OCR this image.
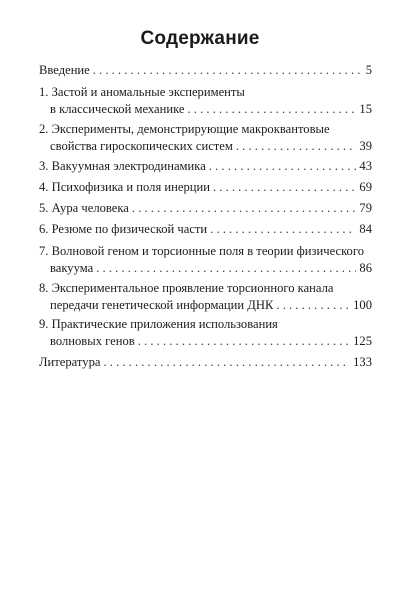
Содержание
Введение . . .	5
1. Застой и аномальные эксперименты
в классической механике . . .	15
2. Эксперименты, демонстрирующие макроквантовые
свойства гироскопических систем . . .	39
3. Вакуумная электродинамика . . .	43
4. Психофизика и поля инерции . . .	69
5. Аура человека . . .	79
6. Резюме по физической части . . .	84
7. Волновой геном и торсионные поля в теории физического
вакуума . . .	86
8. Экспериментальное проявление торсионного канала
передачи генетической информации ДНК . . .	100
9. Практические приложения использования
волновых генов . . .	125
Литература . . .	133
